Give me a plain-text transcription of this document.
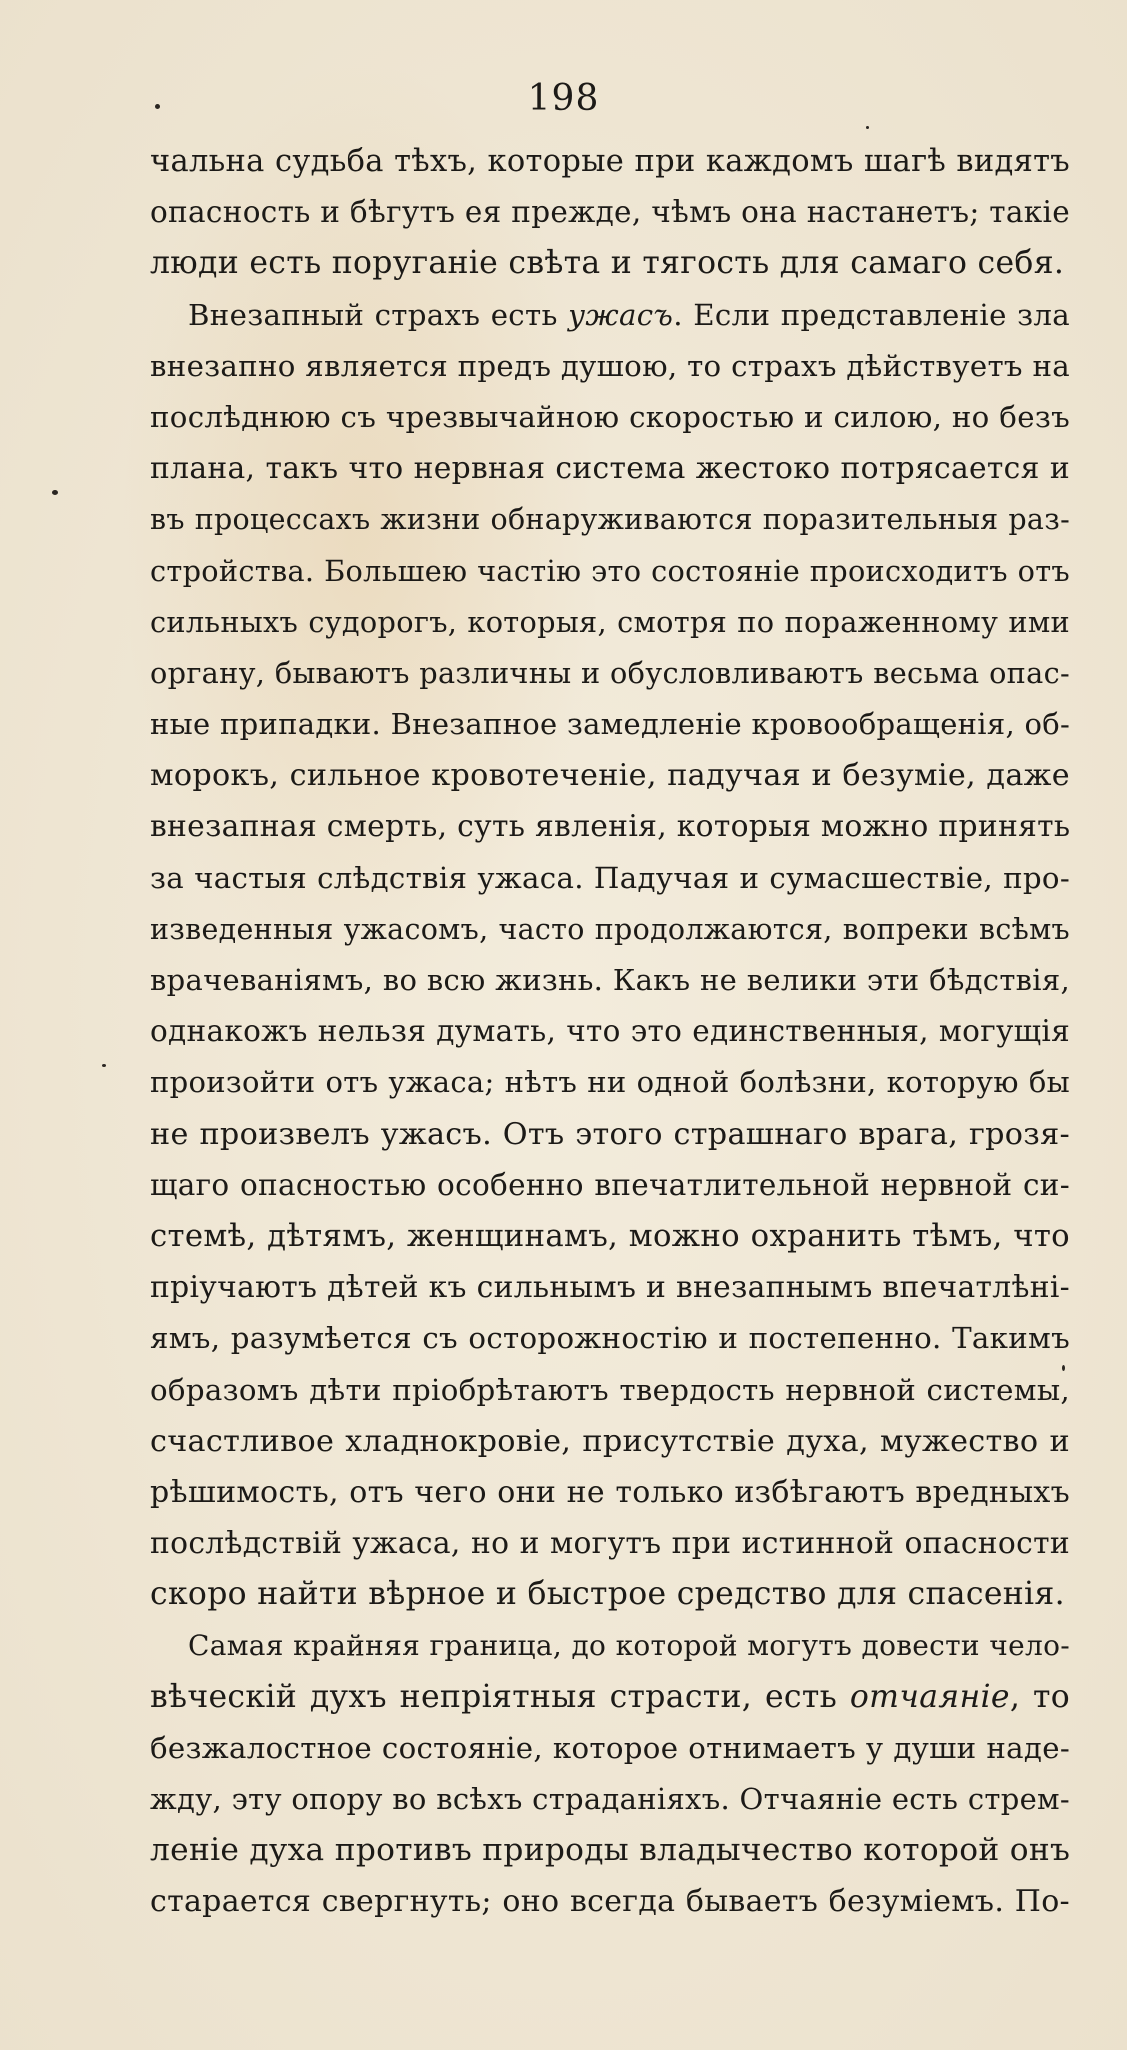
198
чальна судьба тѣхъ, которые при каждомъ шагѣ видятъ
опасность и бѣгутъ ея прежде, чѣмъ она настанетъ; такіе
люди есть поруганіе свѣта и тягость для самаго себя.
Внезапный страхъ есть ужасъ. Если представленіе зла
внезапно является предъ душою, то страхъ дѣйствуетъ на
послѣднюю съ чрезвычайною скоростью и силою, но безъ
плана, такъ что нервная система жестоко потрясается и
въ процессахъ жизни обнаруживаются поразительныя раз-
стройства. Большею частію это состояніе происходитъ отъ
сильныхъ судорогъ, которыя, смотря по пораженному ими
органу, бываютъ различны и обусловливаютъ весьма опас-
ные припадки. Внезапное замедленіе кровообращенія, об-
морокъ, сильное кровотеченіе, падучая и безуміе, даже
внезапная смерть, суть явленія, которыя можно принять
за частыя слѣдствія ужаса. Падучая и сумасшествіе, про-
изведенныя ужасомъ, часто продолжаются, вопреки всѣмъ
врачеваніямъ, во всю жизнь. Какъ не велики эти бѣдствія,
однакожъ нельзя думать, что это единственныя, могущія
произойти отъ ужаса; нѣтъ ни одной болѣзни, которую бы
не произвелъ ужасъ. Отъ этого страшнаго врага, грозя-
щаго опасностью особенно впечатлительной нервной си-
стемѣ, дѣтямъ, женщинамъ, можно охранить тѣмъ, что
пріучаютъ дѣтей къ сильнымъ и внезапнымъ впечатлѣні-
ямъ, разумѣется съ осторожностію и постепенно. Такимъ
образомъ дѣти пріобрѣтаютъ твердость нервной системы,
счастливое хладнокровіе, присутствіе духа, мужество и
рѣшимость, отъ чего они не только избѣгаютъ вредныхъ
послѣдствій ужаса, но и могутъ при истинной опасности
скоро найти вѣрное и быстрое средство для спасенія.
Самая крайняя граница, до которой могутъ довести чело-
вѣческій духъ непріятныя страсти, есть отчаяніе, то
безжалостное состояніе, которое отнимаетъ у души наде-
жду, эту опору во всѣхъ страданіяхъ. Отчаяніе есть стрем-
леніе духа противъ природы владычество которой онъ
старается свергнуть; оно всегда бываетъ безуміемъ. По-
